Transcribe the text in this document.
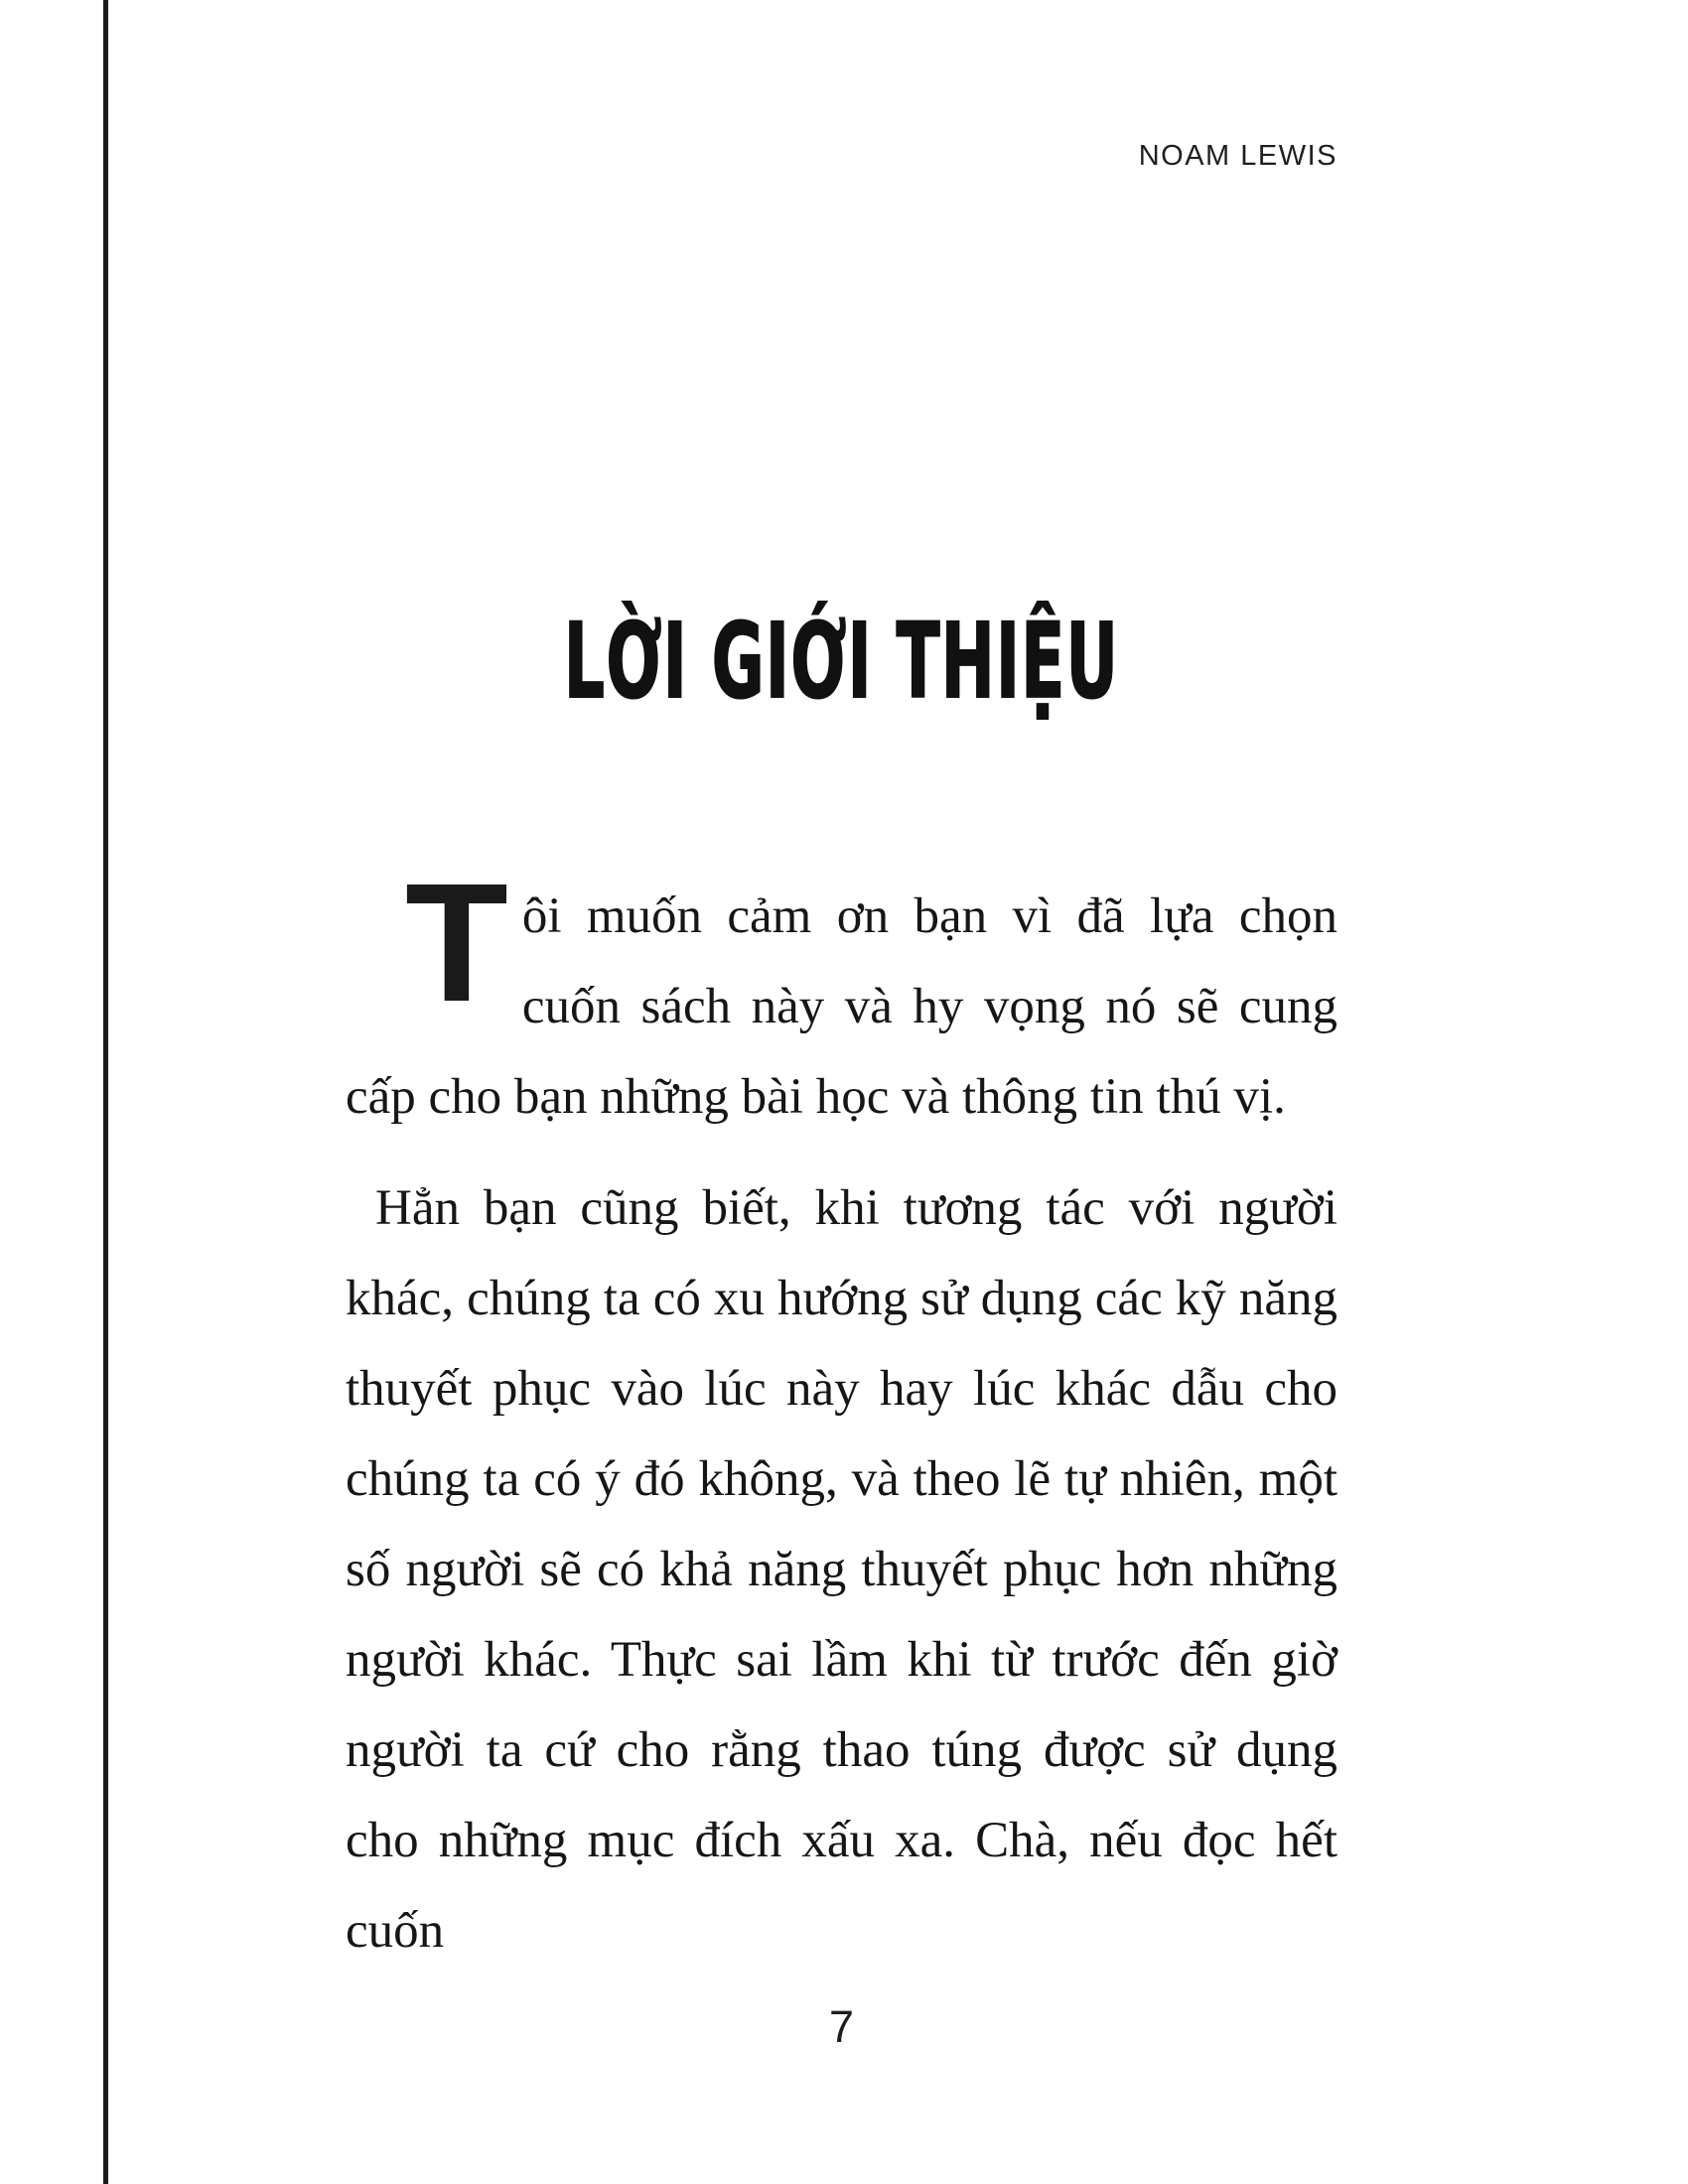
NOAM LEWIS
LỜI GIỚI THIỆU

Tôi muốn cảm ơn bạn vì đã lựa chọn cuốn sách này và hy vọng nó sẽ cung cấp cho bạn những bài học và thông tin thú vị.

Hẳn bạn cũng biết, khi tương tác với người khác, chúng ta có xu hướng sử dụng các kỹ năng thuyết phục vào lúc này hay lúc khác dẫu cho chúng ta có ý đó không, và theo lẽ tự nhiên, một số người sẽ có khả năng thuyết phục hơn những người khác. Thực sai lầm khi từ trước đến giờ người ta cứ cho rằng thao túng được sử dụng cho những mục đích xấu xa. Chà, nếu đọc hết cuốn

7
